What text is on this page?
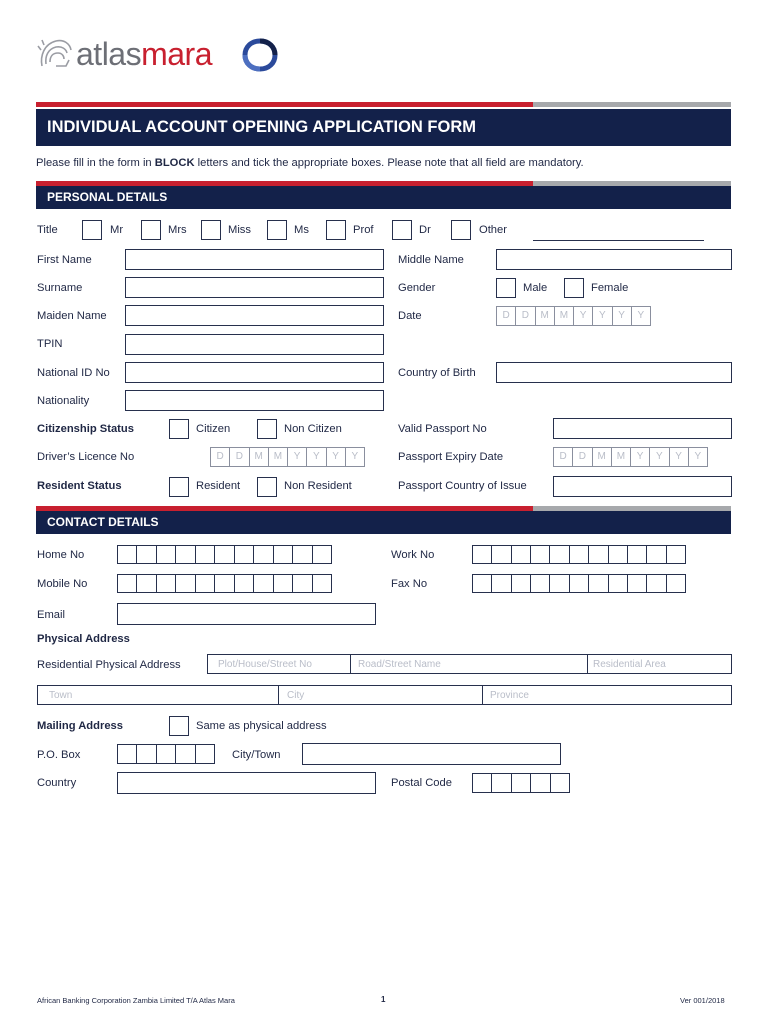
atlasmara
INDIVIDUAL ACCOUNT OPENING APPLICATION FORM
Please fill in the form in BLOCK letters and tick the appropriate boxes. Please note that all field are mandatory.
PERSONAL DETAILS
Title	Mr	Mrs	Miss	Ms	Prof	Dr	Other
First Name	Middle Name
Surname	Gender	Male	Female
Maiden Name	Date	D	D	M	M	Y	Y	Y	Y
TPIN
National ID No	Country of Birth
Nationality
Citizenship Status	Citizen	Non Citizen	Valid Passport No
Driver’s Licence No	D	D	M	M	Y	Y	Y	Y	Passport Expiry Date	D	D	M	M	Y	Y	Y	Y
Resident Status	Resident	Non Resident	Passport Country of Issue
CONTACT DETAILS
Home No	Work No
Mobile No	Fax No
Email
Physical Address
Residential Physical Address	Plot/House/Street No	Road/Street Name	Residential Area
Town	City	Province
Mailing Address	Same as physical address
P.O. Box	City/Town
Country	Postal Code
African Banking Corporation Zambia Limited T/A Atlas Mara	1	Ver 001/2018
